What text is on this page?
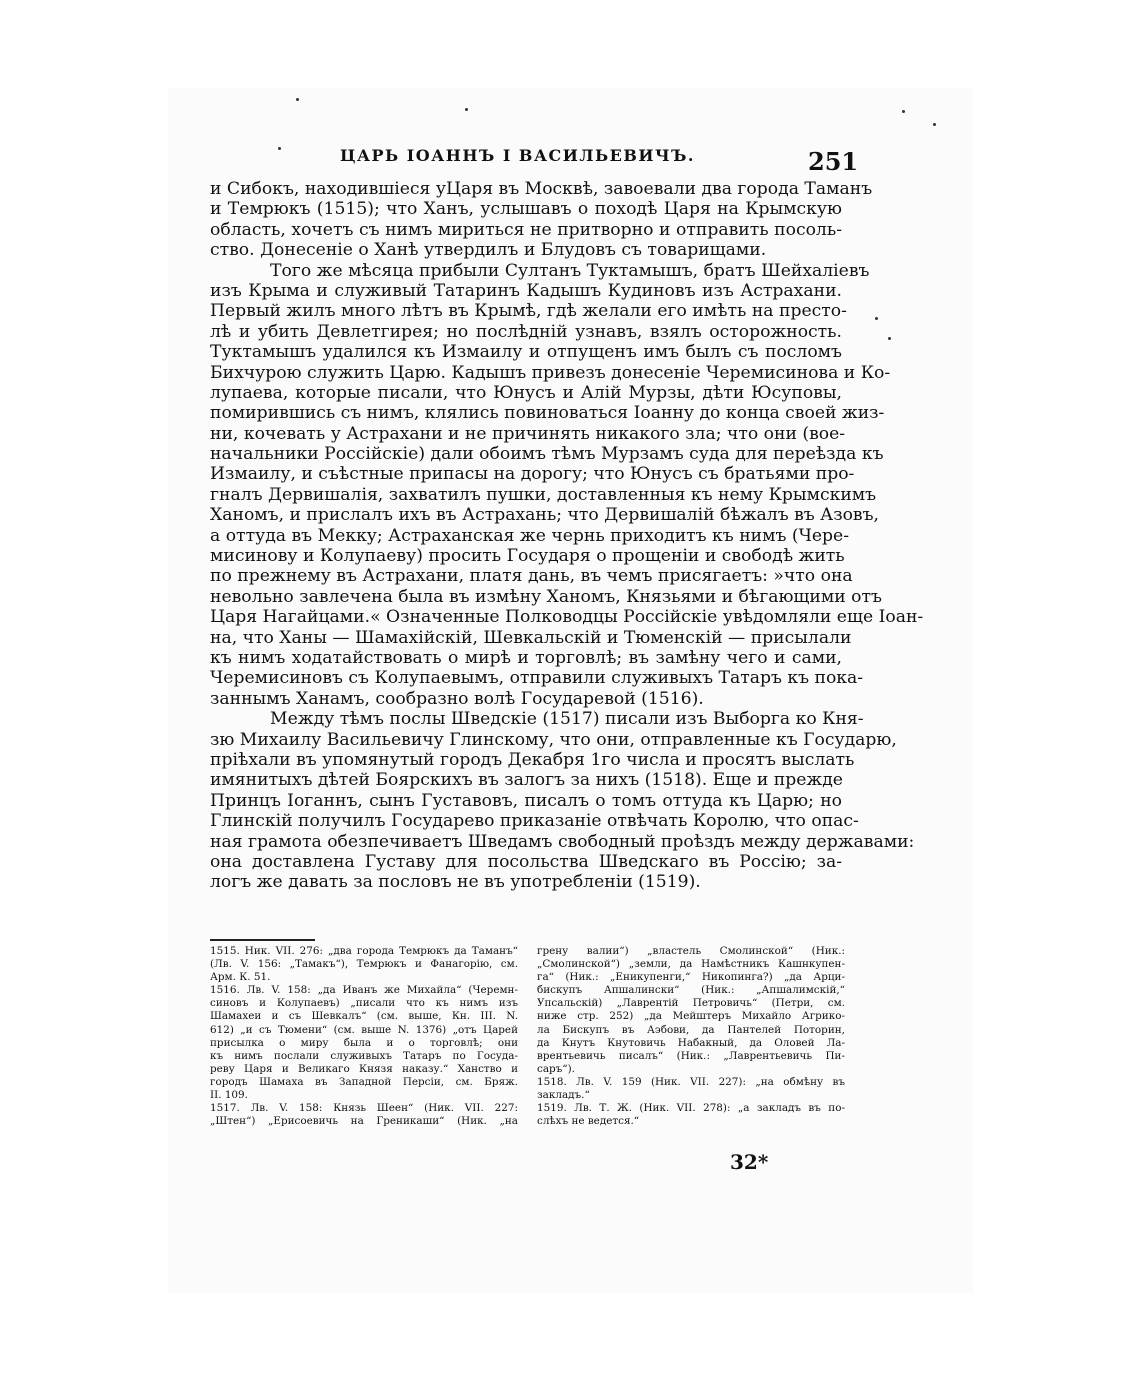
ЦАРЬ ІОАННЪ І ВАСИЛЬЕВИЧЪ.	251
и Сибокъ, находившіеся уЦаря въ Москвѣ, завоевали два города Таманъ
и Темрюкъ (1515); что Ханъ, услышавъ о походѣ Царя на Крымскую
область, хочетъ съ нимъ мириться не притворно и отправить посоль-
ство. Донесеніе о Ханѣ утвердилъ и Блудовъ съ товарищами.
Того же мѣсяца прибыли Султанъ Туктамышъ, братъ Шейхаліевъ
изъ Крыма и служивый Татаринъ Кадышъ Кудиновъ изъ Астрахани.
Первый жилъ много лѣтъ въ Крымѣ, гдѣ желали его имѣть на престо-
лѣ и убить Девлетгирея; но послѣдній узнавъ, взялъ осторожность.
Туктамышъ удалился къ Измаилу и отпущенъ имъ былъ съ посломъ
Бихчурою служить Царю. Кадышъ привезъ донесеніе Черемисинова и Ко-
лупаева, которые писали, что Юнусъ и Алій Мурзы, дѣти Юсуповы,
помирившись съ нимъ, клялись повиноваться Іоанну до конца своей жиз-
ни, кочевать у Астрахани и не причинять никакого зла; что они (вое-
начальники Россійскіе) дали обоимъ тѣмъ Мурзамъ суда для переѣзда къ
Измаилу, и съѣстные припасы на дорогу; что Юнусъ съ братьями про-
гналъ Дервишалія, захватилъ пушки, доставленныя къ нему Крымскимъ
Ханомъ, и прислалъ ихъ въ Астрахань; что Дервишалій бѣжалъ въ Азовъ,
а оттуда въ Мекку; Астраханская же чернь приходитъ къ нимъ (Чере-
мисинову и Колупаеву) просить Государя о прощеніи и свободѣ жить
по прежнему въ Астрахани, платя дань, въ чемъ присягаетъ: »что она
невольно завлечена была въ измѣну Ханомъ, Князьями и бѣгающими отъ
Царя Нагайцами.« Означенные Полководцы Россійскіе увѣдомляли еще Іоан-
на, что Ханы — Шамахійскій, Шевкальскій и Тюменскій — присылали
къ нимъ ходатайствовать о мирѣ и торговлѣ; въ замѣну чего и сами,
Черемисиновъ съ Колупаевымъ, отправили служивыхъ Татаръ къ пока-
заннымъ Ханамъ, сообразно волѣ Государевой (1516).
Между тѣмъ послы Шведскіе (1517) писали изъ Выборга ко Кня-
зю Михаилу Васильевичу Глинскому, что они, отправленные къ Государю,
пріѣхали въ упомянутый городъ Декабря 1го числа и просятъ выслать
имянитыхъ дѣтей Боярскихъ въ залогъ за нихъ (1518). Еще и прежде
Принцъ Іоганнъ, сынъ Густавовъ, писалъ о томъ оттуда къ Царю; но
Глинскій получилъ Государево приказаніе отвѣчать Королю, что опас-
ная грамота обезпечиваетъ Шведамъ свободный проѣздъ между державами:
она доставлена Густаву для посольства Шведскаго въ Россію; за-
логъ же давать за пословъ не въ употребленіи (1519).
1515. Ник. VII. 276: „два города Темрюкъ да Таманъ“
(Лв. V. 156: „Тамакъ“), Темрюкъ и Фанагорію, см.
Арм. К. 51.
1516. Лв. V. 158: „да Иванъ же Михайла“ (Черемн-
синовъ и Колупаевъ) „писали что къ нимъ изъ
Шамахеи и съ Шевкалъ“ (см. выше, Кн. III. N.
612) „и съ Тюмени“ (см. выше N. 1376) „отъ Царей
присылка о миру была и о торговлѣ; они
къ нимъ послали служивыхъ Татаръ по Госуда-
реву Царя и Великаго Князя наказу.“ Ханство и
городъ Шамаха въ Западной Персіи, см. Бряж.
II. 109.
1517. Лв. V. 158: Князь Шеен“ (Ник. VII. 227:
„Штен“) „Ерисоевичь на Греникаши“ (Ник. „на
грену валии“) „властель Смолинской“ (Ник.:
„Смолинской“) „земли, да Намѣстникъ Кашнкупен-
га“ (Ник.: „Еникупенги,“ Никопинга?) „да Арци-
бискупъ Апшалински“ (Ник.: „Апшалимскій,“
Упсальскій) „Лаврентій Петровичь“ (Петри, см.
ниже стр. 252) „да Мейштеръ Михайло Агрико-
ла Бискупъ въ Аэбови, да Пантелей Поторин,
да Кнутъ Кнутовичь Набакный, да Оловей Ла-
врентьевичь писалъ“ (Ник.: „Лаврентьевичь Пи-
саръ“).
1518. Лв. V. 159 (Ник. VII. 227): „на обмѣну въ
закладъ.“
1519. Лв. Т. Ж. (Ник. VII. 278): „а закладъ въ по-
слѣхъ не ведется.“
32*
